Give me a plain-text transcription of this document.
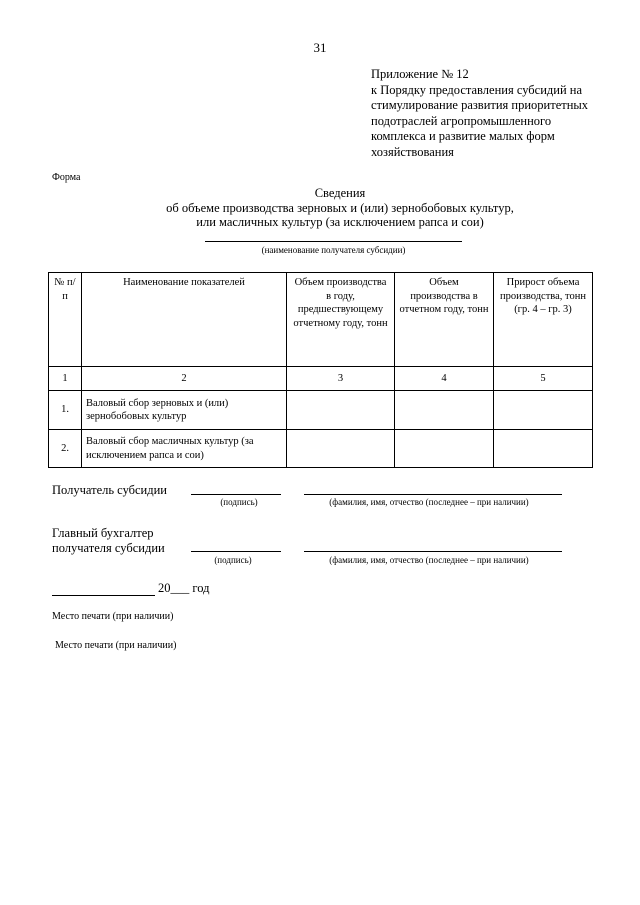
31
Приложение № 12
к Порядку предоставления субсидий на
стимулирование развития приоритетных
подотраслей агропромышленного
комплекса и развитие малых форм
хозяйствования
Форма
Сведения
об объеме производства зерновых и (или) зернобобовых культур,
или масличных культур (за исключением рапса и сои)
(наименование получателя субсидии)
№ п/п	Наименование показателей	Объем производства в году, предшествующему отчетному году, тонн	Объем производства в отчетном году, тонн	Прирост объема производства, тонн (гр. 4 – гр. 3)
1	2	3	4	5
1.	Валовый сбор зерновых и (или) зернобобовых культур			
2.	Валовый сбор масличных культур (за исключением рапса и сои)			
Получатель субсидии
(подпись)	(фамилия, имя, отчество (последнее – при наличии)
Главный бухгалтер
получателя субсидии
(подпись)	(фамилия, имя, отчество (последнее – при наличии)
20___ год
Место печати (при наличии)
Место печати (при наличии)
